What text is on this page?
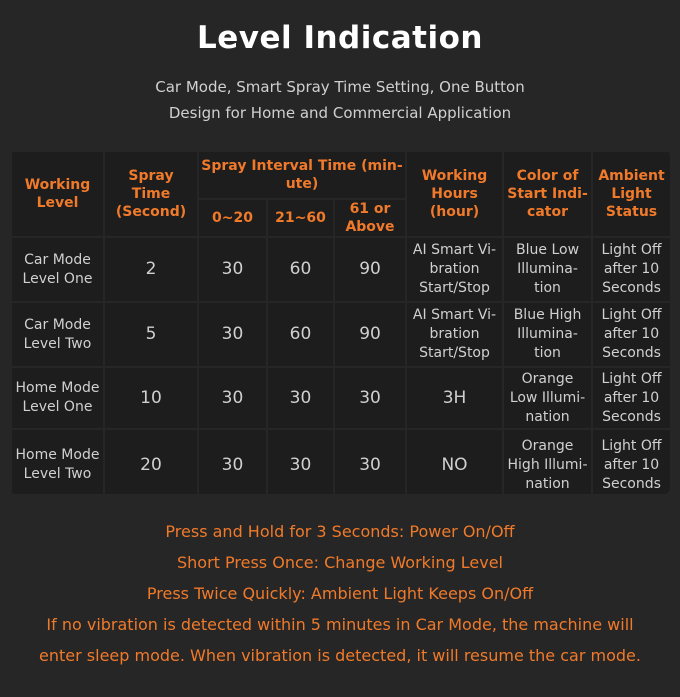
Level Indication
Car Mode, Smart Spray Time Setting, One Button
Design for Home and Commercial Application
Working Level	Spray Time (Second)	Spray Interval Time (min-ute)			Working Hours (hour)	Color of Start Indi-cator	Ambient Light Status
		0~20	21~60	61 or Above			
Car Mode Level One	2	30	60	90	AI Smart Vi-bration Start/Stop	Blue Low Illumina-tion	Light Off after 10 Seconds
Car Mode Level Two	5	30	60	90	AI Smart Vi-bration Start/Stop	Blue High Illumina-tion	Light Off after 10 Seconds
Home Mode Level One	10	30	30	30	3H	Orange Low Illumi-nation	Light Off after 10 Seconds
Home Mode Level Two	20	30	30	30	NO	Orange High Illumi-nation	Light Off after 10 Seconds
Press and Hold for 3 Seconds: Power On/Off
Short Press Once: Change Working Level
Press Twice Quickly: Ambient Light Keeps On/Off
If no vibration is detected within 5 minutes in Car Mode, the machine will
enter sleep mode. When vibration is detected, it will resume the car mode.
